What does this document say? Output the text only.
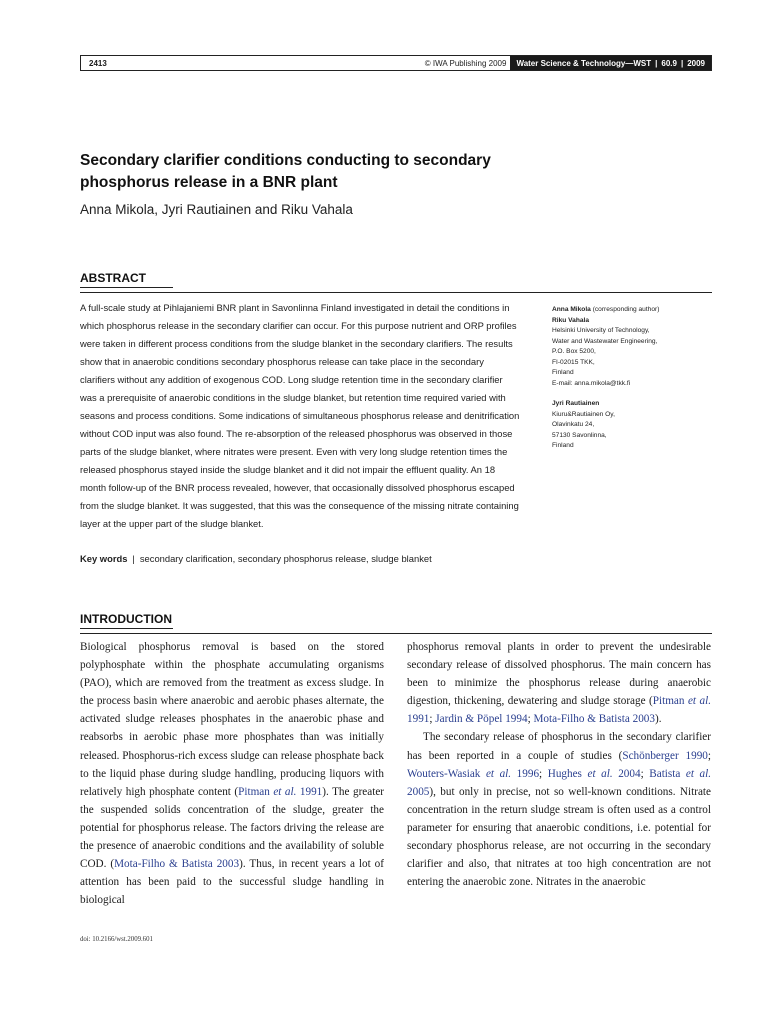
2413	© IWA Publishing 2009	Water Science & Technology—WST | 60.9 | 2009
Secondary clarifier conditions conducting to secondary phosphorus release in a BNR plant
Anna Mikola, Jyri Rautiainen and Riku Vahala
ABSTRACT
A full-scale study at Pihlajaniemi BNR plant in Savonlinna Finland investigated in detail the conditions in which phosphorus release in the secondary clarifier can occur. For this purpose nutrient and ORP profiles were taken in different process conditions from the sludge blanket in the secondary clarifiers. The results show that in anaerobic conditions secondary phosphorus release can take place in the secondary clarifiers without any addition of exogenous COD. Long sludge retention time in the secondary clarifier was a prerequisite of anaerobic conditions in the sludge blanket, but retention time required varied with seasons and process conditions. Some indications of simultaneous phosphorus release and denitrification without COD input was also found. The re-absorption of the released phosphorus was observed in those parts of the sludge blanket, where nitrates were present. Even with very long sludge retention times the released phosphorus stayed inside the sludge blanket and it did not impair the effluent quality. An 18 month follow-up of the BNR process revealed, however, that occasionally dissolved phosphorus escaped from the sludge blanket. It was suggested, that this was the consequence of the missing nitrate containing layer at the upper part of the sludge blanket.
Key words | secondary clarification, secondary phosphorus release, sludge blanket
Anna Mikola (corresponding author)
Riku Vahala
Helsinki University of Technology,
Water and Wastewater Engineering,
P.O. Box 5200,
FI-02015 TKK,
Finland
E-mail: anna.mikola@tkk.fi
Jyri Rautiainen
Kiuru&Rautiainen Oy,
Olavinkatu 24,
57130 Savonlinna,
Finland
INTRODUCTION

Biological phosphorus removal is based on the stored polyphosphate within the phosphate accumulating organisms (PAO), which are removed from the treatment as excess sludge. In the process basin where anaerobic and aerobic phases alternate, the activated sludge releases phosphates in the anaerobic phase and reabsorbs in aerobic phase more phosphates than was initially released. Phosphorus-rich excess sludge can release phosphate back to the liquid phase during sludge handling, producing liquors with relatively high phosphate content (Pitman et al. 1991). The greater the suspended solids concentration of the sludge, greater the potential for phosphorus release. The factors driving the release are the presence of anaerobic conditions and the availability of soluble COD. (Mota-Filho & Batista 2003). Thus, in recent years a lot of attention has been paid to the successful sludge handling in biological

phosphorus removal plants in order to prevent the undesirable secondary release of dissolved phosphorus. The main concern has been to minimize the phosphorus release during anaerobic digestion, thickening, dewatering and sludge storage (Pitman et al. 1991; Jardin & Pöpel 1994; Mota-Filho & Batista 2003).

The secondary release of phosphorus in the secondary clarifier has been reported in a couple of studies (Schönberger 1990; Wouters-Wasiak et al. 1996; Hughes et al. 2004; Batista et al. 2005), but only in precise, not so well-known conditions. Nitrate concentration in the return sludge stream is often used as a control parameter for ensuring that anaerobic conditions, i.e. potential for secondary phosphorus release, are not occurring in the secondary clarifier and also, that nitrates at too high concentration are not entering the anaerobic zone. Nitrates in the anaerobic

doi: 10.2166/wst.2009.601
